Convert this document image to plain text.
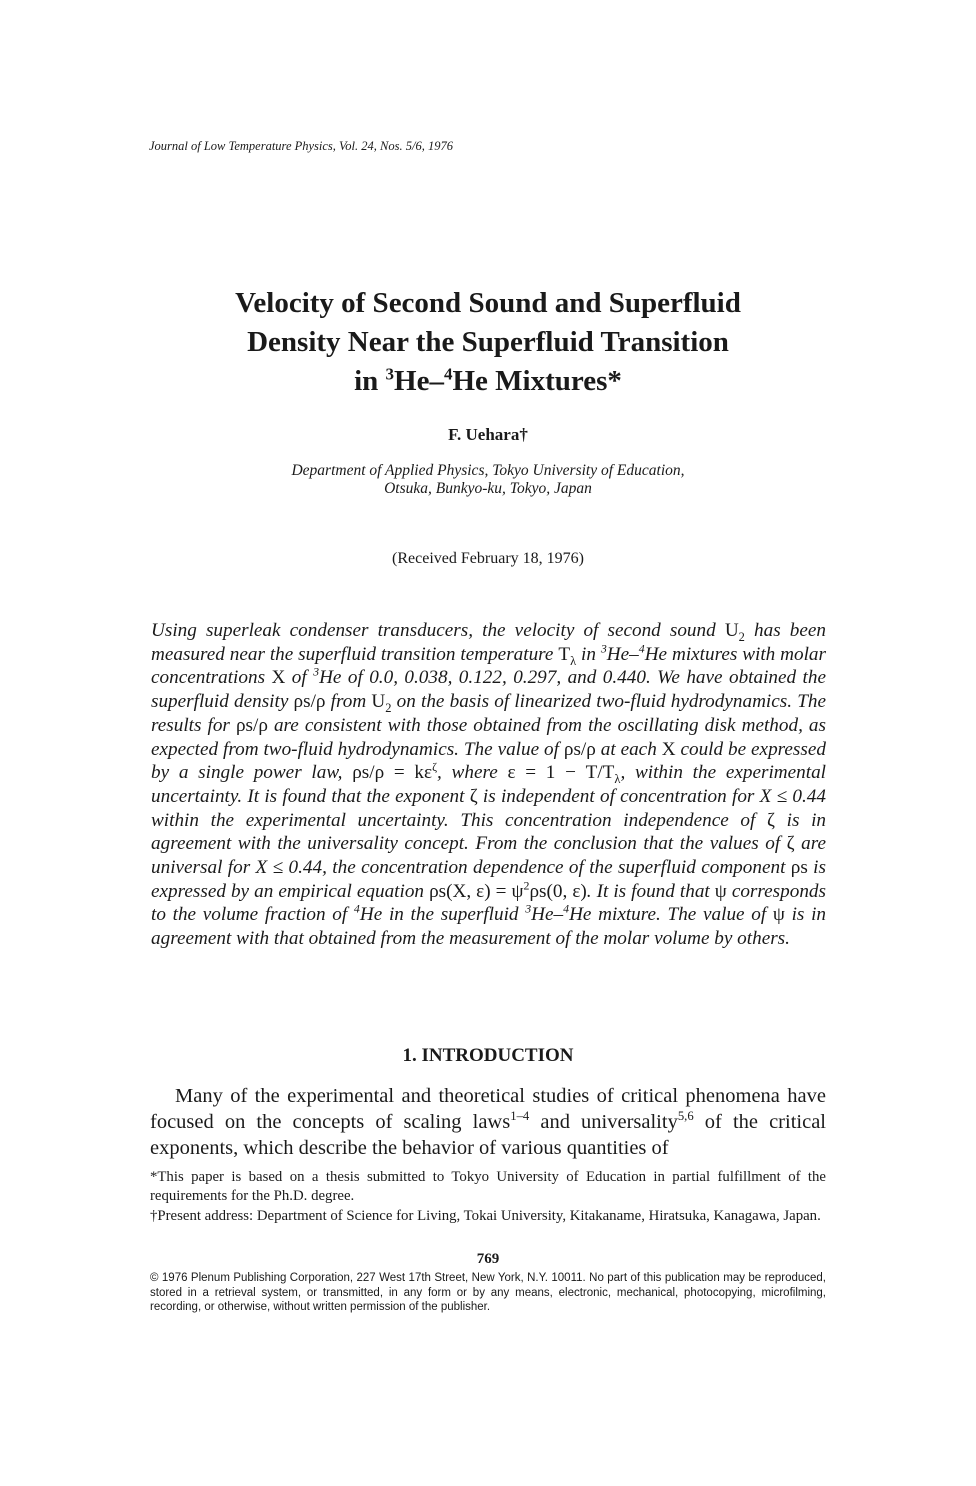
Journal of Low Temperature Physics, Vol. 24, Nos. 5/6, 1976
Velocity of Second Sound and Superfluid
Density Near the Superfluid Transition
in $^3$He–$^4$He Mixtures*
F. Uehara†
Department of Applied Physics, Tokyo University of Education,
Otsuka, Bunkyo-ku, Tokyo, Japan
(Received February 18, 1976)
Using superleak condenser transducers, the velocity of second sound $U_2$ has been measured near the superfluid transition temperature $T_\lambda$ in $^3$He–$^4$He mixtures with molar concentrations X of $^3$He of 0.0, 0.038, 0.122, 0.297, and 0.440. We have obtained the superfluid density ρs/ρ from $U_2$ on the basis of linearized two-fluid hydrodynamics. The results for ρs/ρ are consistent with those obtained from the oscillating disk method, as expected from two-fluid hydrodynamics. The value of ρs/ρ at each X could be expressed by a single power law, $\rho s/\rho = k\varepsilon^\zeta$, where $\varepsilon = 1 - T/T_\lambda$, within the experimental uncertainty. It is found that the exponent ζ is independent of concentration for X ≤ 0.44 within the experimental uncertainty. This concentration independence of ζ is in agreement with the universality concept. From the conclusion that the values of ζ are universal for X ≤ 0.44, the concentration dependence of the superfluid component ρs is expressed by an empirical equation ρs(X, $\varepsilon) = \psi^2\rho s(0$, ε). It is found that ψ corresponds to the volume fraction of $^4$He in the superfluid $^3$He–$^4$He mixture. The value of ψ is in agreement with that obtained from the measurement of the molar volume by others.
1. INTRODUCTION
Many of the experimental and theoretical studies of critical phenomena have focused on the concepts of scaling laws$^{1-4}$ and universality$^{5,6}$ of the critical exponents, which describe the behavior of various quantities of
*This paper is based on a thesis submitted to Tokyo University of Education in partial fulfillment of the requirements for the Ph.D. degree.
†Present address: Department of Science for Living, Tokai University, Kitakaname, Hiratsuka, Kanagawa, Japan.
769
© 1976 Plenum Publishing Corporation, 227 West 17th Street, New York, N.Y. 10011. No part of this publication may be reproduced, stored in a retrieval system, or transmitted, in any form or by any means, electronic, mechanical, photocopying, microfilming, recording, or otherwise, without written permission of the publisher.
